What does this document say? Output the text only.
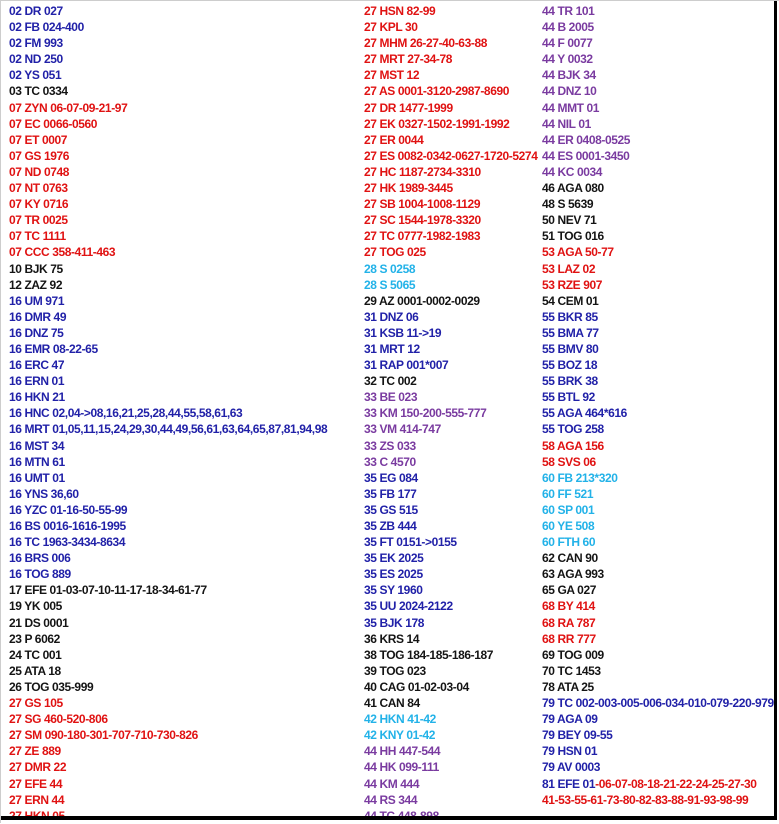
02 DR 027
02 FB 024-400
02 FM 993
02 ND 250
02 YS 051
03 TC 0334
07 ZYN 06-07-09-21-97
07 EC 0066-0560
07 ET 0007
07 GS 1976
07 ND 0748
07 NT 0763
07 KY 0716
07 TR 0025
07 TC 1111
07 CCC 358-411-463
10 BJK 75
12 ZAZ 92
16 UM 971
16 DMR 49
16 DNZ 75
16 EMR 08-22-65
16 ERC 47
16 ERN 01
16 HKN 21
16 HNC 02,04->08,16,21,25,28,44,55,58,61,63
16 MRT 01,05,11,15,24,29,30,44,49,56,61,63,64,65,87,81,94,98
16 MST 34
16 MTN 61
16 UMT 01
16 YNS 36,60
16 YZC 01-16-50-55-99
16 BS 0016-1616-1995
16 TC 1963-3434-8634
16 BRS 006
16 TOG 889
17 EFE 01-03-07-10-11-17-18-34-61-77
19 YK 005
21 DS 0001
23 P 6062
24 TC 001
25 ATA 18
26 TOG 035-999
27 GS 105
27 SG 460-520-806
27 SM 090-180-301-707-710-730-826
27 ZE 889
27 DMR 22
27 EFE 44
27 ERN 44
27 HSN 82-99
27 KPL 30
27 MHM 26-27-40-63-88
27 MRT 27-34-78
27 MST 12
27 AS 0001-3120-2987-8690
27 DR 1477-1999
27 EK 0327-1502-1991-1992
27 ER 0044
27 ES 0082-0342-0627-1720-5274
27 HC 1187-2734-3310
27 HK 1989-3445
27 SB 1004-1008-1129
27 SC 1544-1978-3320
27 TC 0777-1982-1983
27 TOG 025
28 S 0258
28 S 5065
29 AZ 0001-0002-0029
31 DNZ 06
31 KSB 11->19
31 MRT 12
31 RAP 001*007
32 TC 002
33 BE 023
33 KM 150-200-555-777
33 VM 414-747
33 ZS 033
33 C 4570
35 EG 084
35 FB 177
35 GS 515
35 ZB 444
35 FT 0151->0155
35 EK 2025
35 ES 2025
35 SY 1960
35 UU 2024-2122
35 BJK 178
36 KRS 14
38 TOG 184-185-186-187
39 TOG 023
40 CAG 01-02-03-04
41 CAN 84
42 HKN 41-42
42 KNY 01-42
44 HH 447-544
44 HK 099-111
44 KM 444
44 RS 344
44 TR 101
44 B 2005
44 F 0077
44 Y 0032
44 BJK 34
44 DNZ 10
44 MMT 01
44 NIL 01
44 ER 0408-0525
44 ES 0001-3450
44 KC 0034
46 AGA 080
48 S 5639
50 NEV 71
51 TOG 016
53 AGA 50-77
53 LAZ 02
53 RZE 907
54 CEM 01
55 BKR 85
55 BMA 77
55 BMV 80
55 BOZ 18
55 BRK 38
55 BTL 92
55 AGA 464*616
55 TOG 258
58 AGA 156
58 SVS 06
60 FB 213*320
60 FF 521
60 SP 001
60 YE 508
60 FTH 60
62 CAN 90
63 AGA 993
65 GA 027
68 BY 414
68 RA 787
68 RR 777
69 TOG 009
70 TC 1453
78 ATA 25
79 TC 002-003-005-006-034-010-079-220-979
79 AGA 09
79 BEY 09-55
79 HSN 01
79 AV 0003
81 EFE 01-06-07-08-18-21-22-24-25-27-30
41-53-55-61-73-80-82-83-88-91-93-98-99
